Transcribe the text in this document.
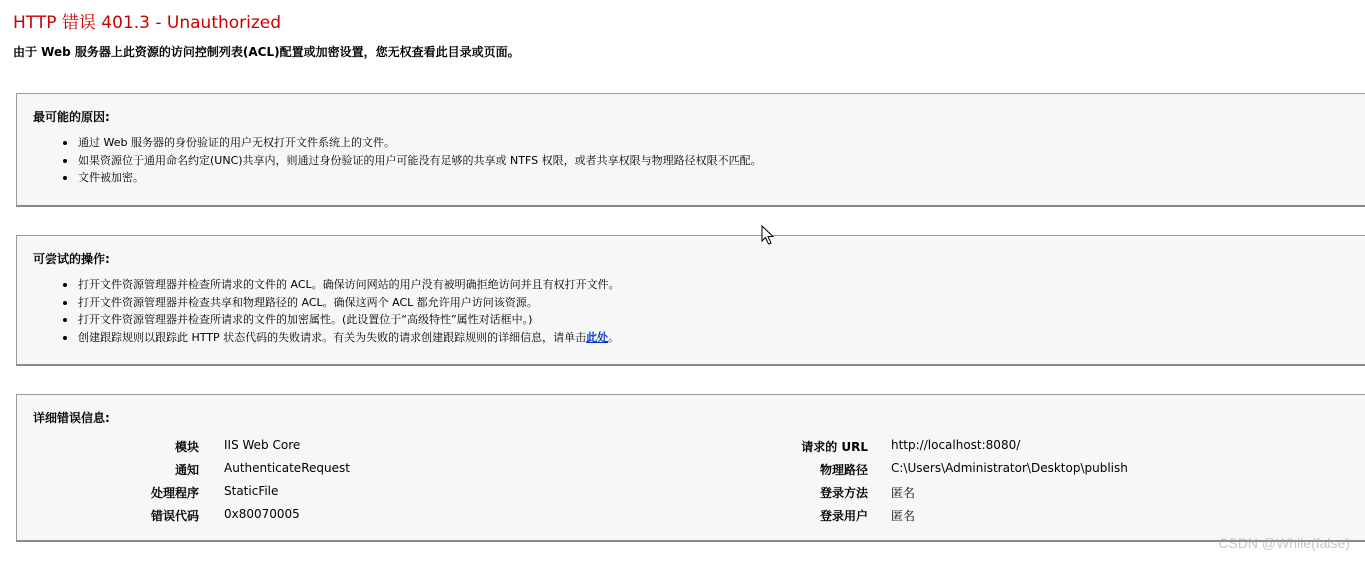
HTTP 错误 401.3 - Unauthorized
由于 Web 服务器上此资源的访问控制列表(ACL)配置或加密设置，您无权查看此目录或页面。
最可能的原因:
通过 Web 服务器的身份验证的用户无权打开文件系统上的文件。
如果资源位于通用命名约定(UNC)共享内，则通过身份验证的用户可能没有足够的共享或 NTFS 权限，或者共享权限与物理路径权限不匹配。
文件被加密。
可尝试的操作:
打开文件资源管理器并检查所请求的文件的 ACL。确保访问网站的用户没有被明确拒绝访问并且有权打开文件。
打开文件资源管理器并检查共享和物理路径的 ACL。确保这两个 ACL 都允许用户访问该资源。
打开文件资源管理器并检查所请求的文件的加密属性。(此设置位于“高级特性”属性对话框中。)
创建跟踪规则以跟踪此 HTTP 状态代码的失败请求。有关为失败的请求创建跟踪规则的详细信息，请单击此处。
详细错误信息:
模块 IIS Web Core
通知 AuthenticateRequest
处理程序 StaticFile
错误代码 0x80070005
请求的 URL http://localhost:8080/
物理路径 C:\Users\Administrator\Desktop\publish
登录方法 匿名
登录用户 匿名
CSDN @While(false)
